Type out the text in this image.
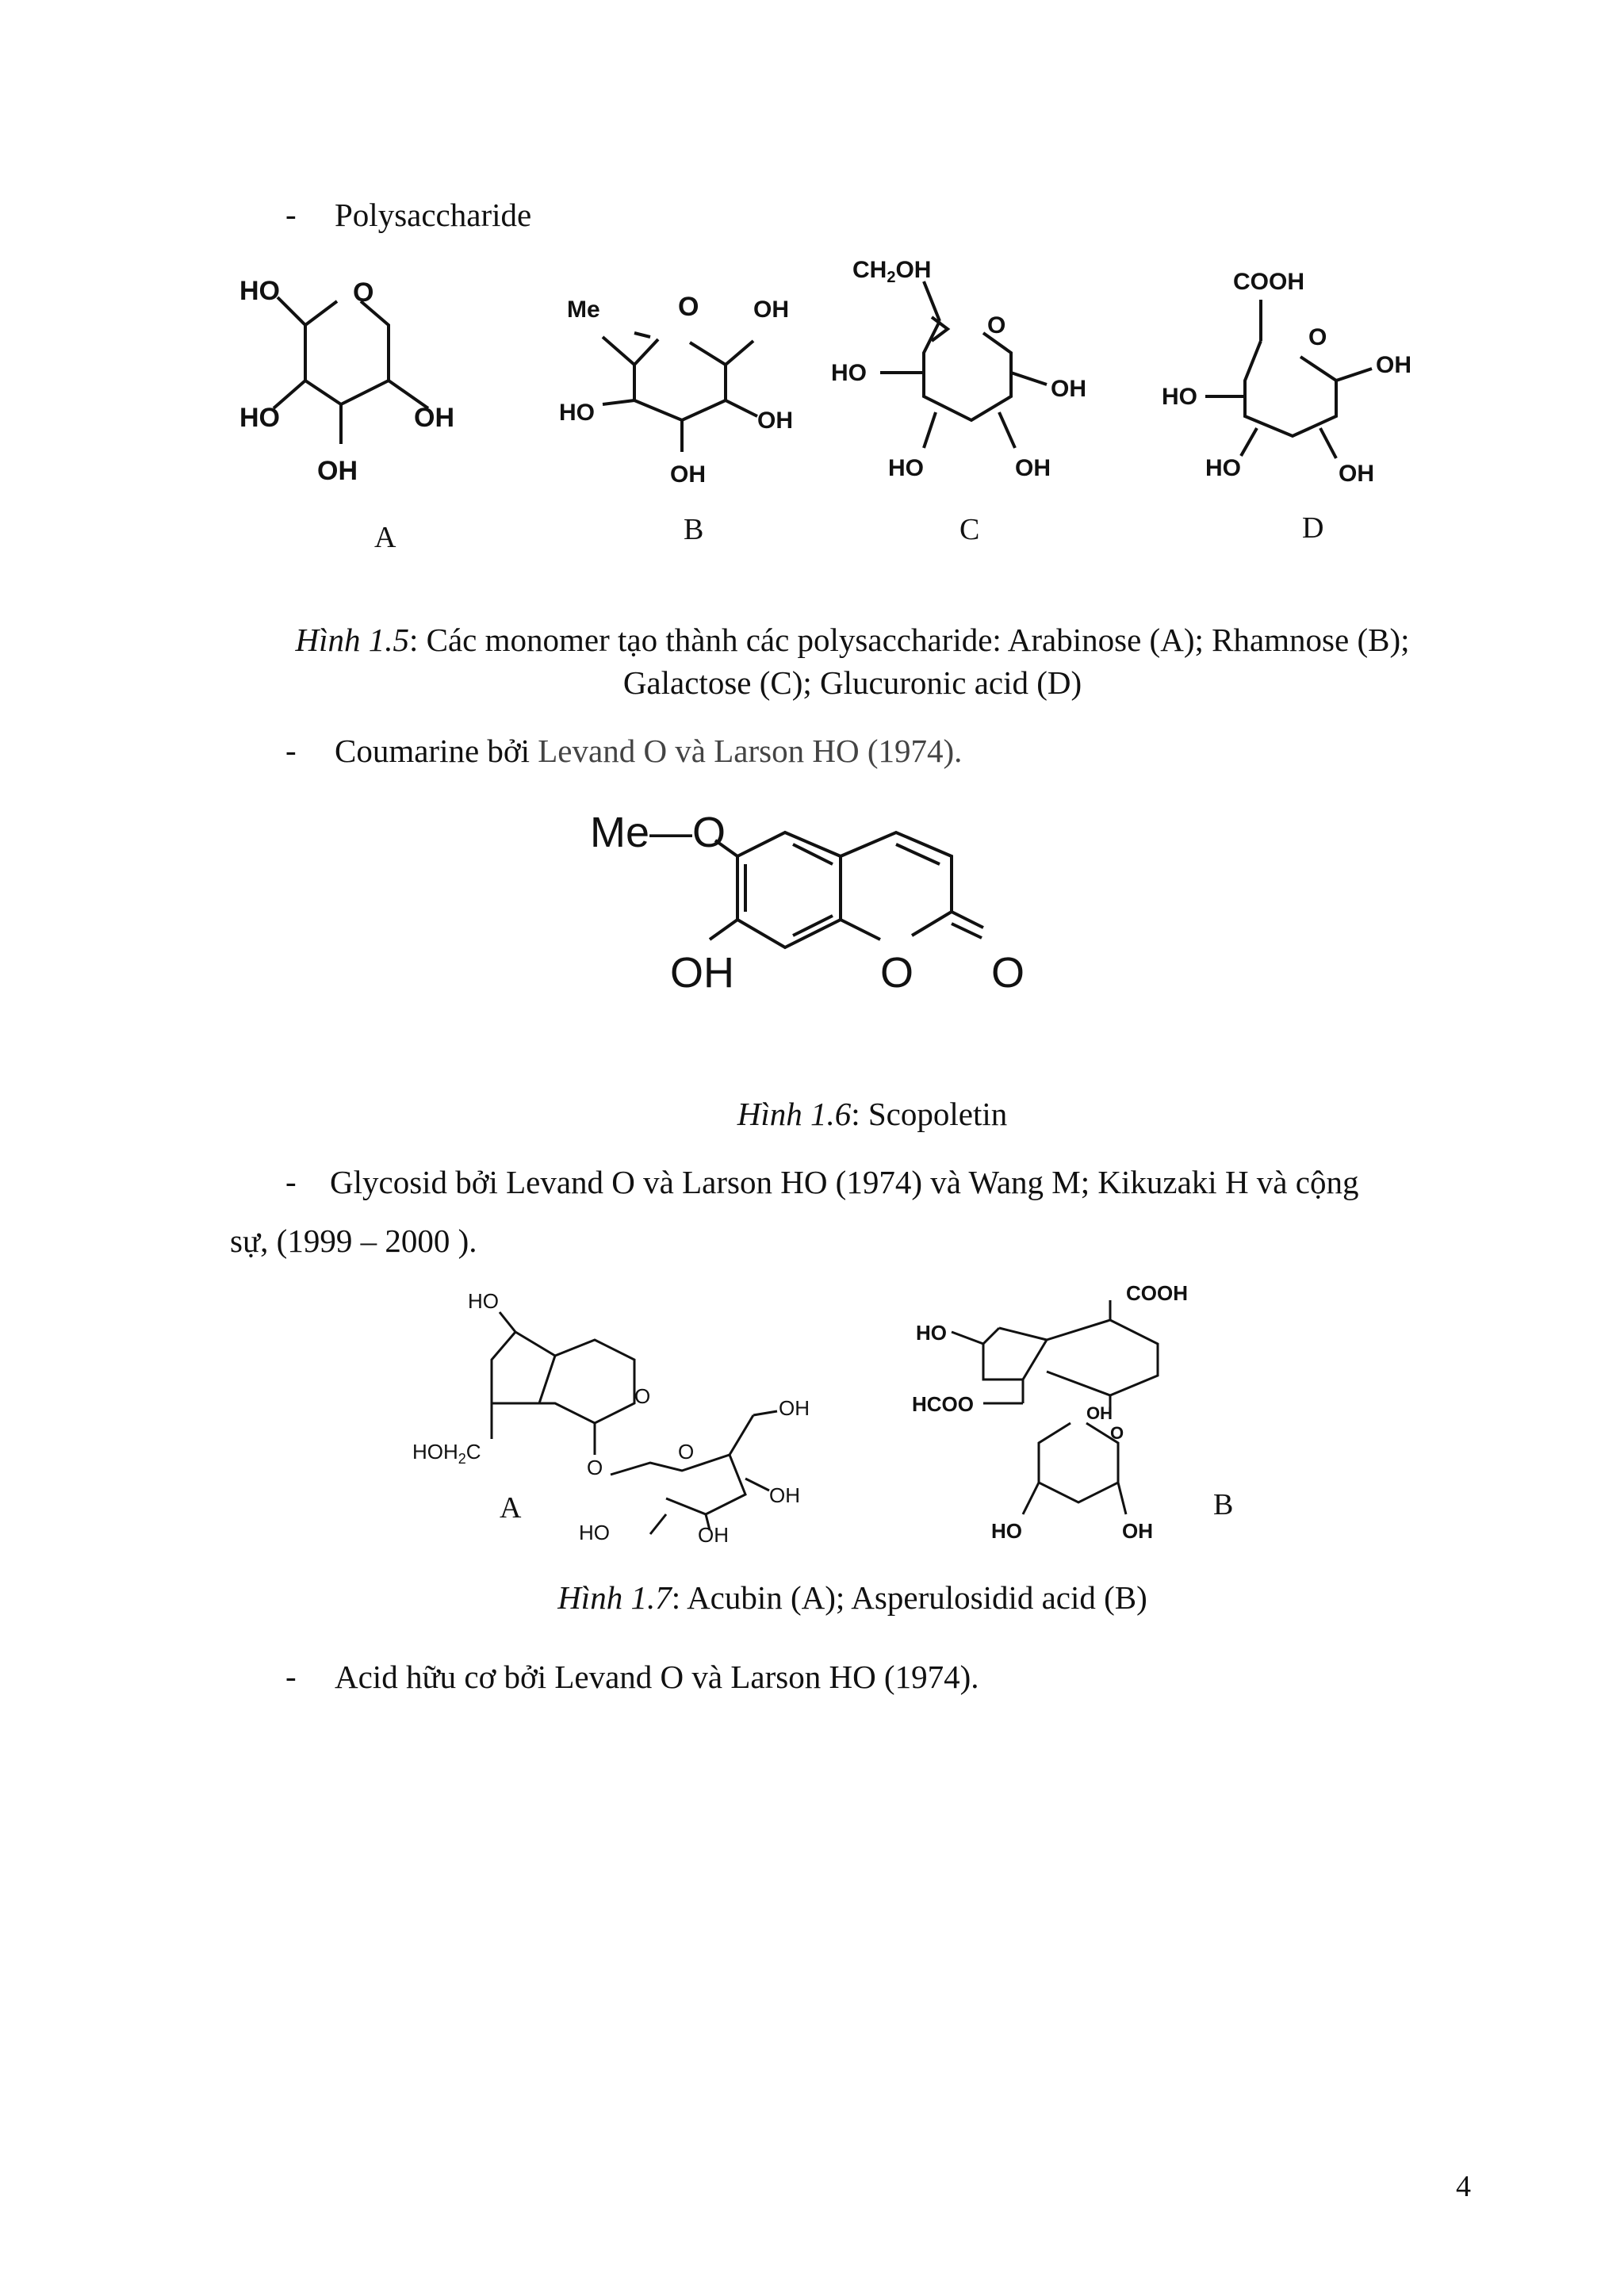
- Polysaccharide
HO	O
HO	OH
OH
Me	O OH
HO	OH
OH
$CH_2OH$
O
HO
OH
HO	OH
COOH
O
OH
HO
HO	OH
A	B	C	D
Hình 1.5: Các monomer tạo thành các polysaccharide: Arabinose (A); Rhamnose (B);
Galactose (C); Glucuronic acid (D)
- Coumarine bởi Levand O và Larson HO (1974).
Me—O
OH	O O
Hình 1.6: Scopoletin
- Glycosid bởi Levand O và Larson HO (1974) và Wang M; Kikuzaki H và cộng
sự, (1999 – 2000 ).
HO
O
$HOH_2C$
O
O
OH
OH
OH
HO
COOH
HO
HCOO	OH
O
HO	OH
A	B
Hình 1.7: Acubin (A); Asperulosidid acid (B)
- Acid hữu cơ bởi Levand O và Larson HO (1974).
4
